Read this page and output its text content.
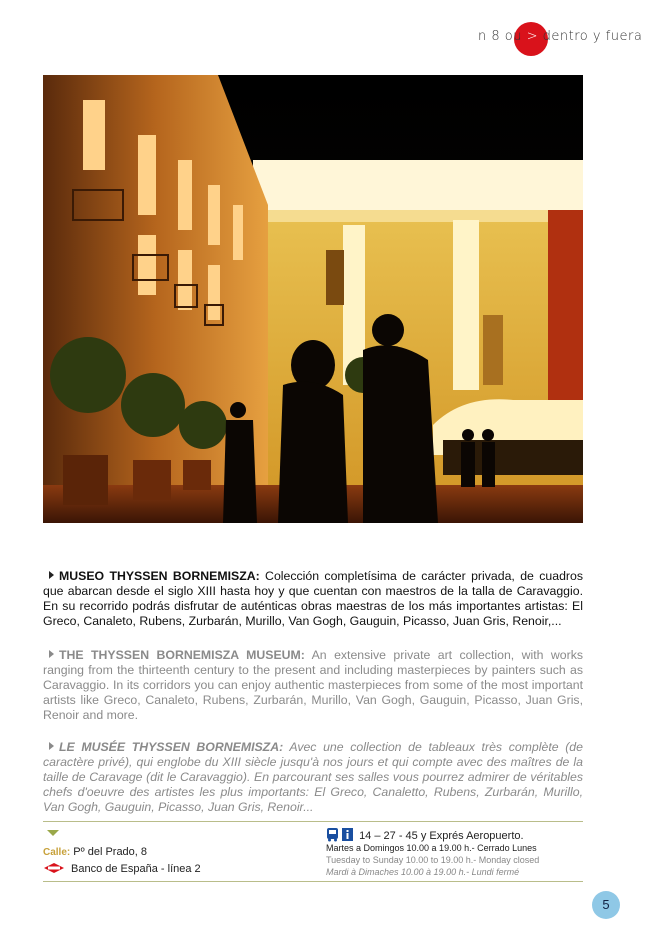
n 8 ou > dentro y fuera
MUSEO THYSSEN BORNEMISZA: Colección completísima de carácter privada, de cuadros que abarcan desde el siglo XIII hasta hoy y que cuentan con maestros de la talla de Caravaggio. En su recorrido podrás disfrutar de auténticas obras maestras de los más importantes artistas: El Greco, Canaleto, Rubens, Zurbarán, Murillo, Van Gogh, Gauguin, Picasso, Juan Gris, Renoir,...
THE THYSSEN BORNEMISZA MUSEUM: An extensive private art collection, with works ranging from the thirteenth century to the present and including masterpieces by painters such as Caravaggio. In its corridors you can enjoy authentic masterpieces from some of the most important artists like Greco, Canaleto, Rubens, Zurbarán, Murillo, Van Gogh, Gauguin, Picasso, Juan Gris, Renoir and more.
LE MUSÉE THYSSEN BORNEMISZA: Avec une collection de tableaux très complète (de caractère privé), qui englobe du XIII siècle jusqu'à nos jours et qui compte avec des maîtres de la taille de Caravage (dit le Caravaggio). En parcourant ses salles vous pourrez admirer de véritables chefs d'oeuvre des artistes les plus importants: El Greco, Canaletto, Rubens, Zurbarán, Murillo, Van Gogh, Gauguin, Picasso, Juan Gris, Renoir...
Calle: Pº del Prado, 8
Banco de España - línea 2
14 – 27 - 45 y Exprés Aeropuerto.
Martes a Domingos 10.00 a 19.00 h.- Cerrado Lunes
Tuesday to Sunday 10.00 to 19.00 h.- Monday closed
Mardi à Dimaches 10.00 à 19.00 h.- Lundi fermé
5
